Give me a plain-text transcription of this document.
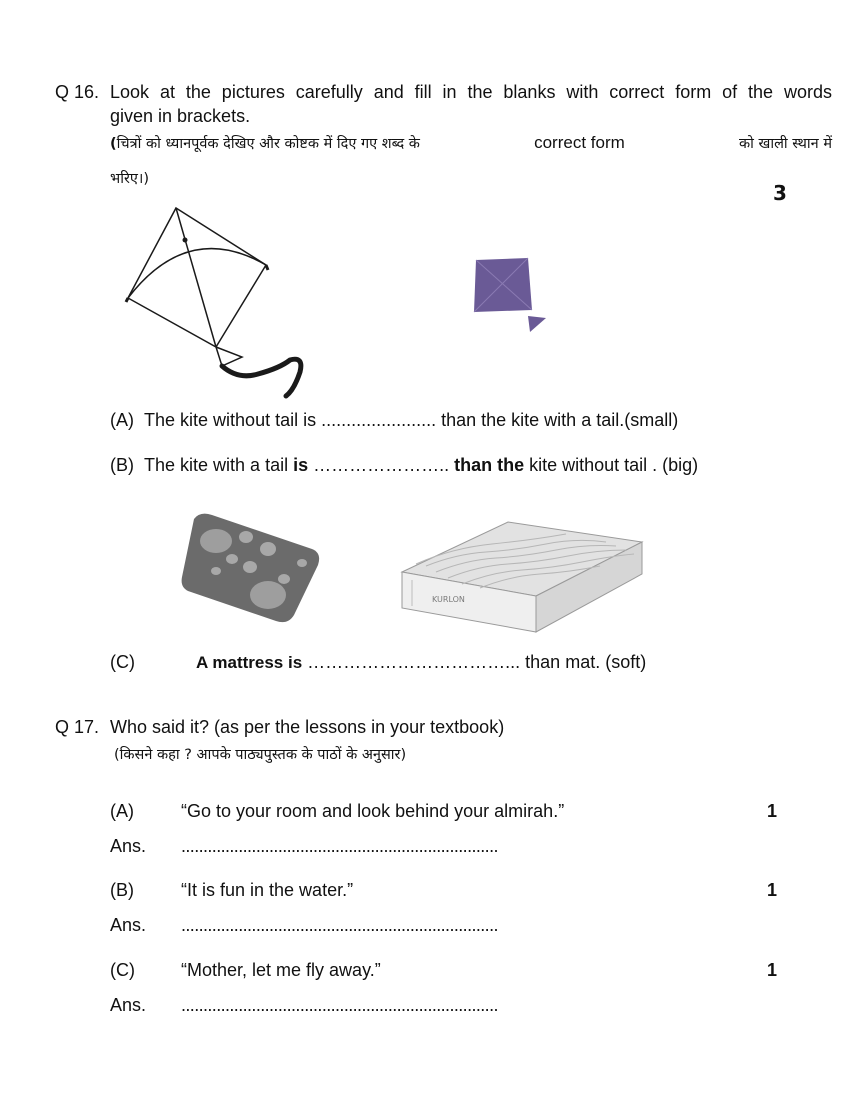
Q 16. Look at the pictures carefully and fill in the blanks with correct form of the words
given in brackets.
(चित्रों को ध्यानपूर्वक देखिए और कोष्टक में दिए गए शब्द के	correct form	को खाली स्थान में
भरिए।)
3
(A) The kite without tail is ....................... than the kite with a tail.(small)
(B) The kite with a tail is ………………….. than the kite without tail . (big)
KURLON
(C)	A mattress is ……………………………... than mat. (soft)
Q 17. Who said it? (as per the lessons in your textbook)
(किसने कहा ? आपके पाठ्यपुस्तक के पाठों के अनुसार)
(A)	“Go to your room and look behind your almirah.”	1
Ans. ........................................................................
(B)	“It is fun in the water.”	1
Ans. ........................................................................
(C)	“Mother, let me fly away.”	1
Ans. ........................................................................
